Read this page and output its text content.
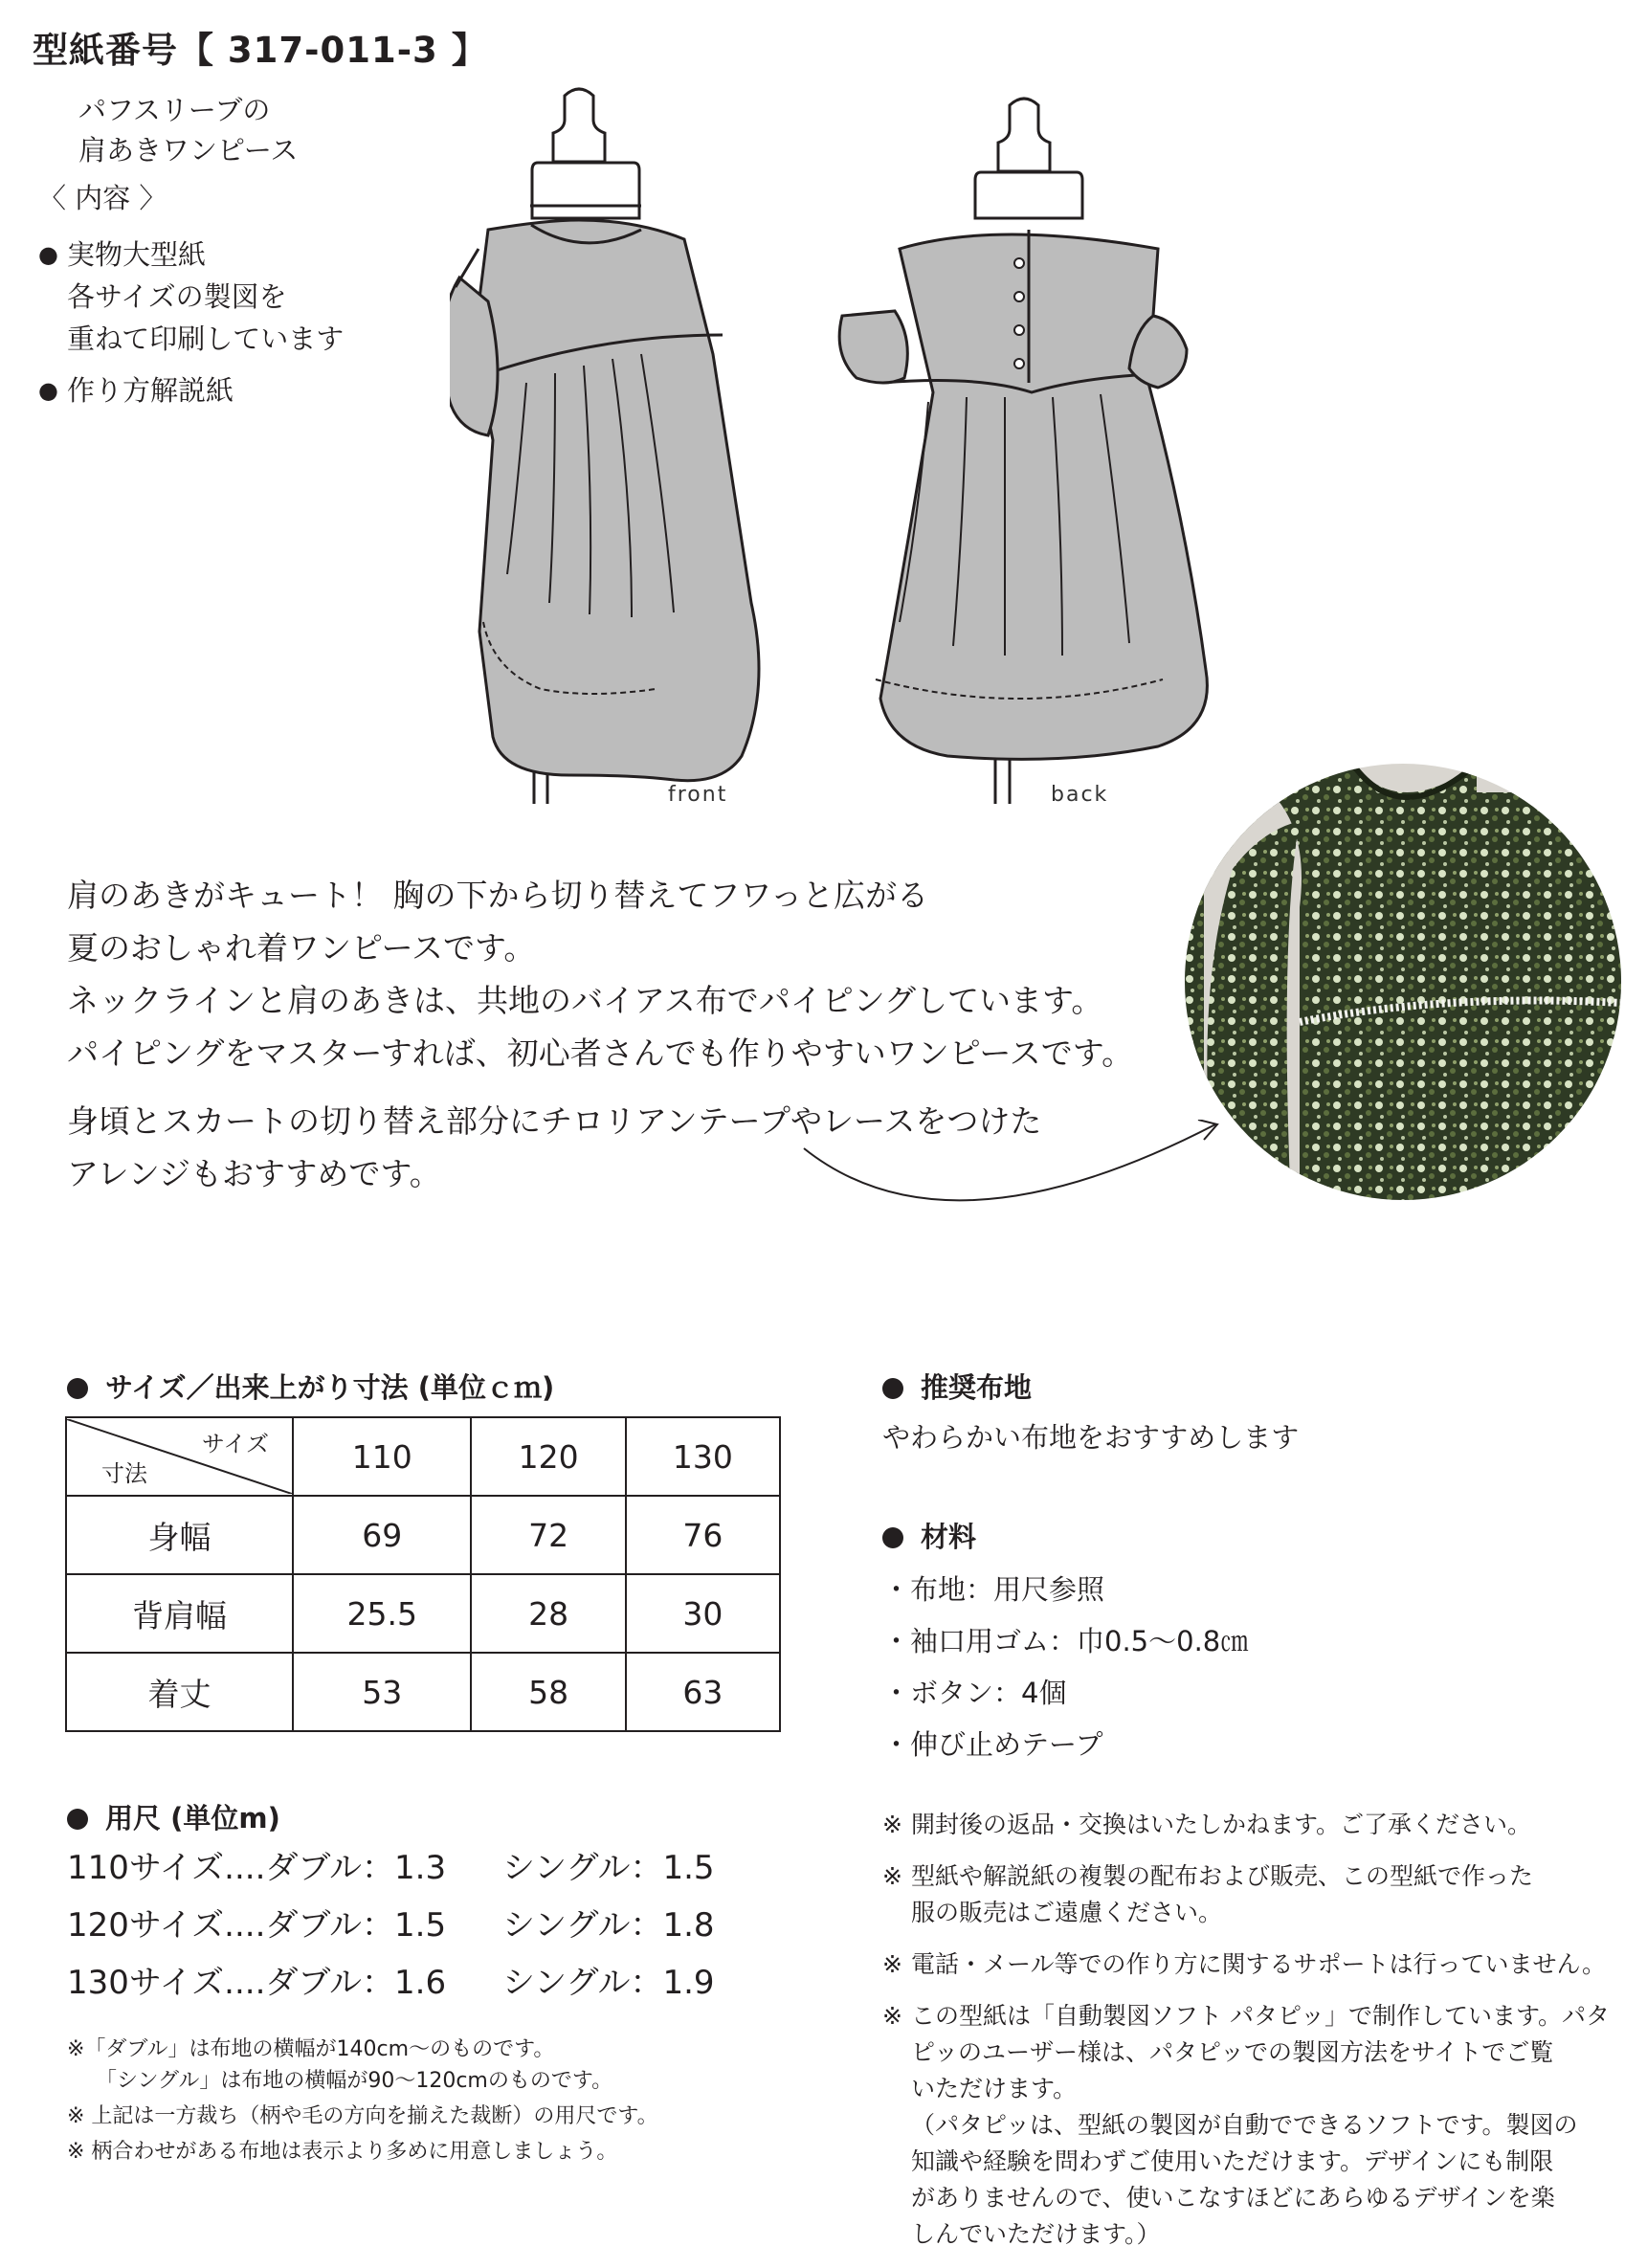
型紙番号【 317-011-3 】
パフスリーブの
肩あきワンピース
〈 内容 〉
● 実物大型紙
各サイズの製図を
重ねて印刷しています
● 作り方解説紙
front	back

肩のあきがキュート！ 胸の下から切り替えてフワっと広がる

夏のおしゃれ着ワンピースです。

ネックラインと肩のあきは、共地のバイアス布でパイピングしています。

パイピングをマスターすれば、初心者さんでも作りやすいワンピースです。

身頃とスカートの切り替え部分にチロリアンテープやレースをつけた

アレンジもおすすめです。

サイズ／出来上がり寸法 (単位ｃｍ)
サイズ
寸法	110	120	130
身幅	69	72	76
背肩幅	25.5	28	30
着丈	53	58	63
用尺 (単位m)
110サイズ....ダブル：1.3	シングル：1.5
120サイズ....ダブル：1.5	シングル：1.8
130サイズ....ダブル：1.6	シングル：1.9

※「ダブル」は布地の横幅が140cm〜のものです。

「シングル」は布地の横幅が90〜120cmのものです。

※ 上記は一方裁ち（柄や毛の方向を揃えた裁断）の用尺です。

※ 柄合わせがある布地は表示より多めに用意しましょう。

推奨布地
やわらかい布地をおすすめします
材料
・布地：用尺参照
・袖口用ゴム：巾0.5〜0.8㎝
・ボタン：4個
・伸び止めテープ
※ 開封後の返品・交換はいたしかねます。ご了承ください。
※ 型紙や解説紙の複製の配布および販売、この型紙で作った
服の販売はご遠慮ください。
※ 電話・メール等での作り方に関するサポートは行っていません。
※ この型紙は「自動製図ソフト パタピッ」で制作しています。パタ
ピッのユーザー様は、パタピッでの製図方法をサイトでご覧
いただけます。
（パタピッは、型紙の製図が自動でできるソフトです。製図の
知識や経験を問わずご使用いただけます。デザインにも制限
がありませんので、使いこなすほどにあらゆるデザインを楽
しんでいただけます。）
